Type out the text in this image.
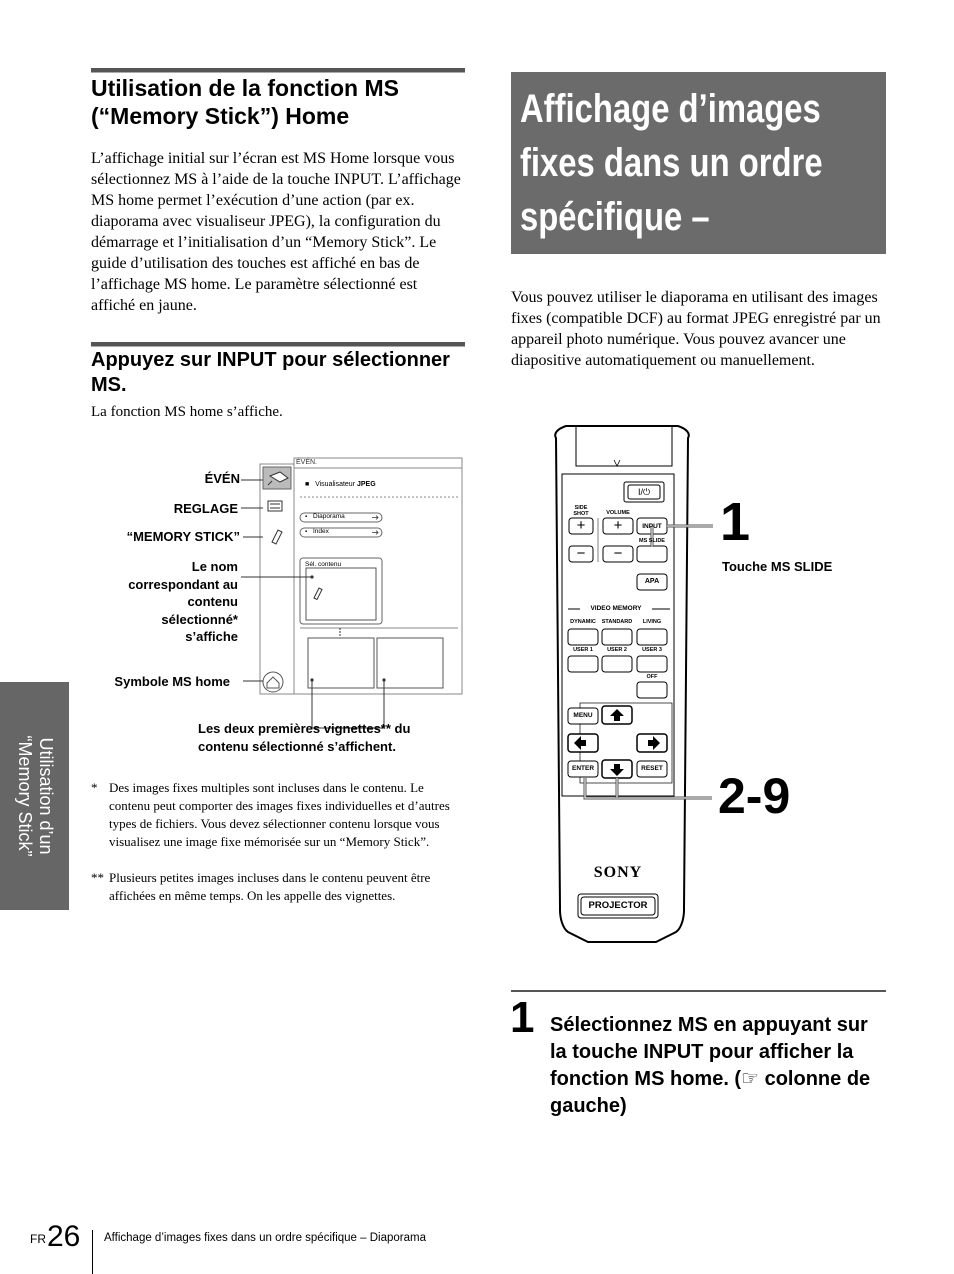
Utilisation de la fonction MS (“Memory Stick”) Home

L’affichage initial sur l’écran est MS Home lorsque vous sélectionnez MS à l’aide de la touche INPUT. L’affichage MS home permet l’exécution d’une action (par ex. diaporama avec visualiseur JPEG), la configuration du démarrage et l’initialisation d’un “Memory Stick”. Le guide d’utilisation des touches est affiché en bas de l’affichage MS home. Le paramètre sélectionné est affiché en jaune.

Appuyez sur INPUT pour sélectionner MS.

La fonction MS home s’affiche.

ÉVÉN.
■ Visualisateur JPEG
▪ Diaporama
▪ Index
Sél. contenu
ÉVÉN
REGLAGE
“MEMORY STICK”
Le nom correspondant au contenu sélectionné* s’affiche
Symbole MS home
Les deux premières vignettes** du contenu sélectionné s’affichent.
* Des images fixes multiples sont incluses dans le contenu. Le contenu peut comporter des images fixes individuelles et d’autres types de fichiers. Vous devez sélectionner contenu lorsque vous visualisez une image fixe mémorisée sur un “Memory Stick”.
** Plusieurs petites images incluses dans le contenu peuvent être affichées en même temps. On les appelle des vignettes.
Utilisation d’un
“Memory Stick”
Affichage d’images fixes dans un ordre spécifique – Diaporama

Vous pouvez utiliser le diaporama en utilisant des images fixes (compatible DCF) au format JPEG enregistré par un appareil photo numérique. Vous pouvez avancer une diapositive automatiquement ou manuellement.

I/⏻
SIDE SHOT	VOLUME
+
−
+
−
INPUT
MS SLIDE
APA
VIDEO MEMORY
DYNAMIC	STANDARD	LIVING
USER 1	USER 2	USER 3
OFF
MENU
ENTER	RESET
SONY
PROJECTOR
1
2-9
Touche MS SLIDE
1 Sélectionnez MS en appuyant sur la touche INPUT pour afficher la fonction MS home. (☞ colonne de gauche)
FR 26 Affichage d’images fixes dans un ordre spécifique – Diaporama
